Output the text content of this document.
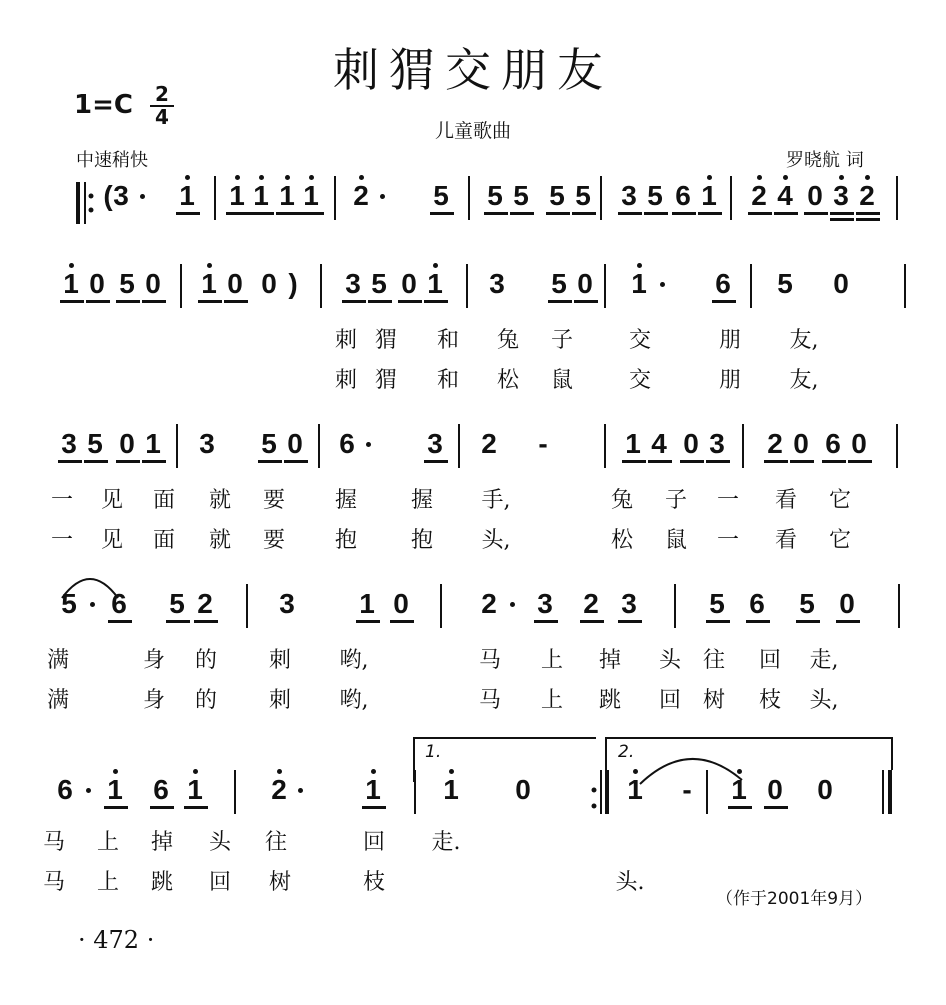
刺猬交朋友
1=C 2
4
儿童歌曲
中速稍快	罗晓航 词
（作于2001年9月）
· 472 ·
( 3 1 1 1 1 1 2 5 5 5 5 5 3 5 6 1 2 4 0 3 2
1 0 5 0 1 0 0 ) 3 5 0 1 3 5 0 1 6 5 0
刺 猬	和	兔	子	交	朋	友,
刺 猬	和	松	鼠	交	朋	友,
3 5 0 1 3 5 0 6	3 2 -	1 4 0 3 2 0 6 0
一	见	面	就	要	握	握	手,	兔	子	一	看	它
一	见	面	就	要	抱	抱	头,	松	鼠	一	看	它
5 6 5 2 3 1 0	2 3 2 3	5 6 5 0
满	身	的	刺	哟,	马	上	掉	头 往	回	走,
满	身	的	刺	哟,	马	上	跳	回 树	枝	头,
6 1 6 1 2	1 1 0	1 - 1 0 0
马	上	掉	头	往	回	走.
马	上	跳	回	树	枝	头.
1.	2.
